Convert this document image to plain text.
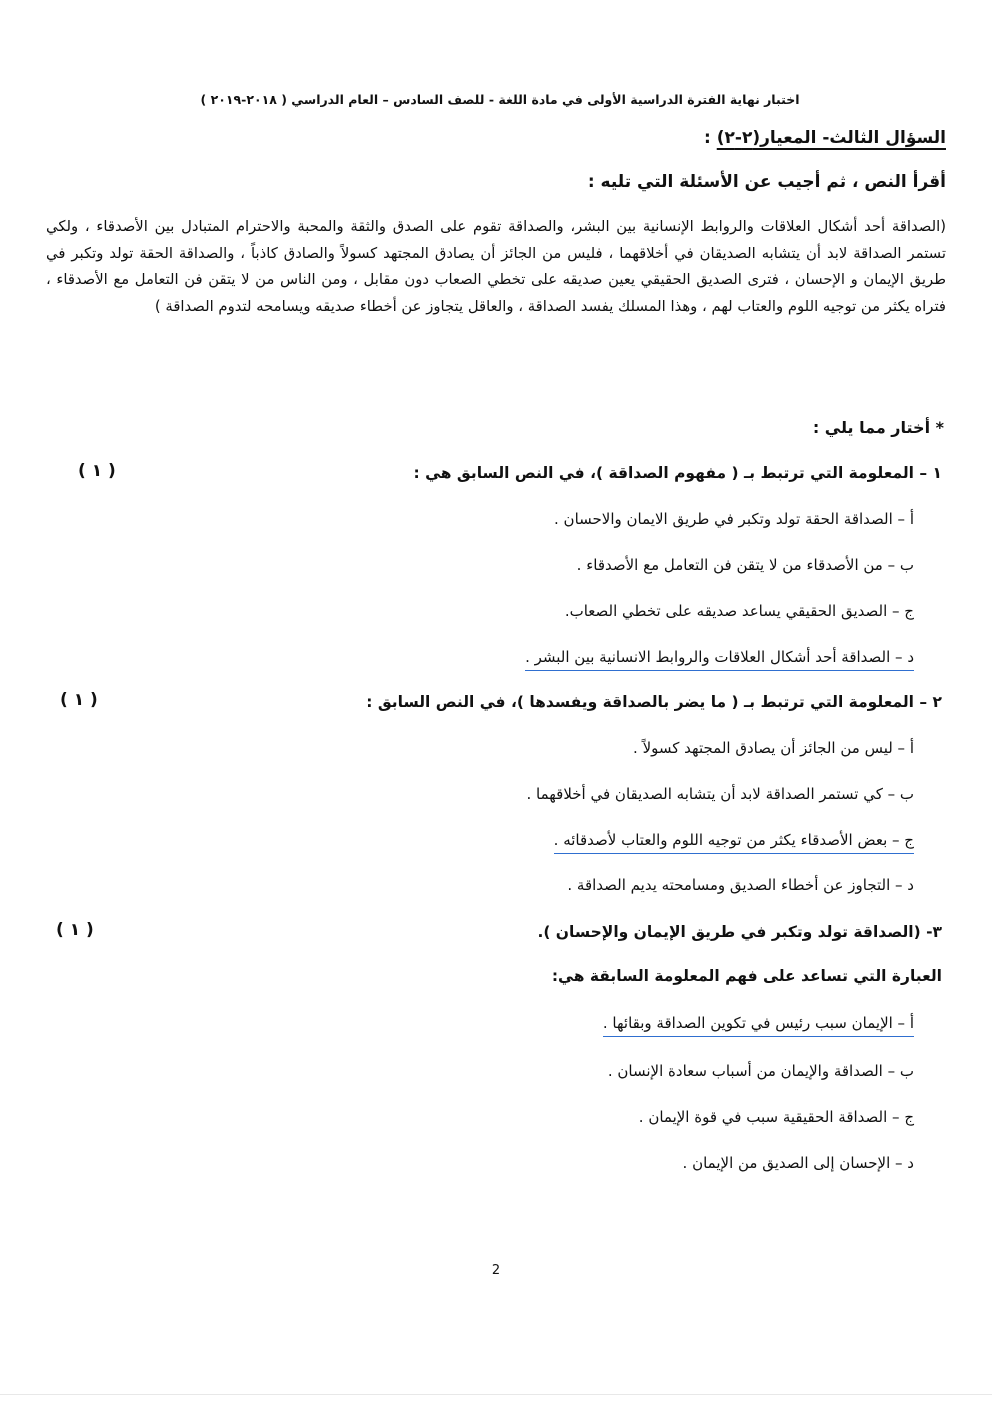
اختبار نهاية الفترة الدراسية الأولى في مادة اللغة - للصف السادس – العام الدراسي ( ٢٠١٨-٢٠١٩ )
السؤال الثالث- المعيار(٢-٢) :
أقرأ النص ، ثم أجيب عن الأسئلة التي تليه :
(الصداقة أحد أشكال العلاقات والروابط الإنسانية بين البشر، والصداقة تقوم على الصدق والثقة والمحبة والاحترام المتبادل بين الأصدقاء ، ولكي تستمر الصداقة لابد أن يتشابه الصديقان في أخلاقهما ، فليس من الجائز أن يصادق المجتهد كسولاً والصادق كاذباً ، والصداقة الحقة تولد وتكبر في طريق الإيمان و الإحسان ، فترى الصديق الحقيقي يعين صديقه على تخطي الصعاب دون مقابل ، ومن الناس من لا يتقن فن التعامل مع الأصدقاء ، فتراه يكثر من توجيه اللوم والعتاب لهم ، وهذا المسلك يفسد الصداقة ، والعاقل يتجاوز عن أخطاء صديقه ويسامحه لتدوم الصداقة )
* أختار مما يلي :
١ – المعلومة التي ترتبط بـ ( مفهوم الصداقة )، في النص السابق هي :
( ١ )
أ – الصداقة الحقة تولد وتكبر في طريق الايمان والاحسان .
ب – من الأصدقاء من لا يتقن فن التعامل مع الأصدقاء .
ج – الصديق الحقيقي يساعد صديقه على تخطي الصعاب.
د – الصداقة أحد أشكال العلاقات والروابط الانسانية بين البشر .
٢ – المعلومة التي ترتبط بـ ( ما يضر بالصداقة ويفسدها )، في النص السابق :
( ١ )
أ – ليس من الجائز أن يصادق المجتهد كسولاً .
ب – كي تستمر الصداقة لابد أن يتشابه الصديقان في أخلاقهما .
ج – بعض الأصدقاء يكثر من توجيه اللوم والعتاب لأصدقائه .
د – التجاوز عن أخطاء الصديق ومسامحته يديم الصداقة .
٣- (الصداقة تولد وتكبر في طريق الإيمان والإحسان ).
( ١ )
العبارة التي تساعد على فهم المعلومة السابقة هي:
أ – الإيمان سبب رئيس في تكوين الصداقة وبقائها .
ب – الصداقة والإيمان من أسباب سعادة الإنسان .
ج – الصداقة الحقيقية سبب في قوة الإيمان .
د – الإحسان إلى الصديق من الإيمان .
2
